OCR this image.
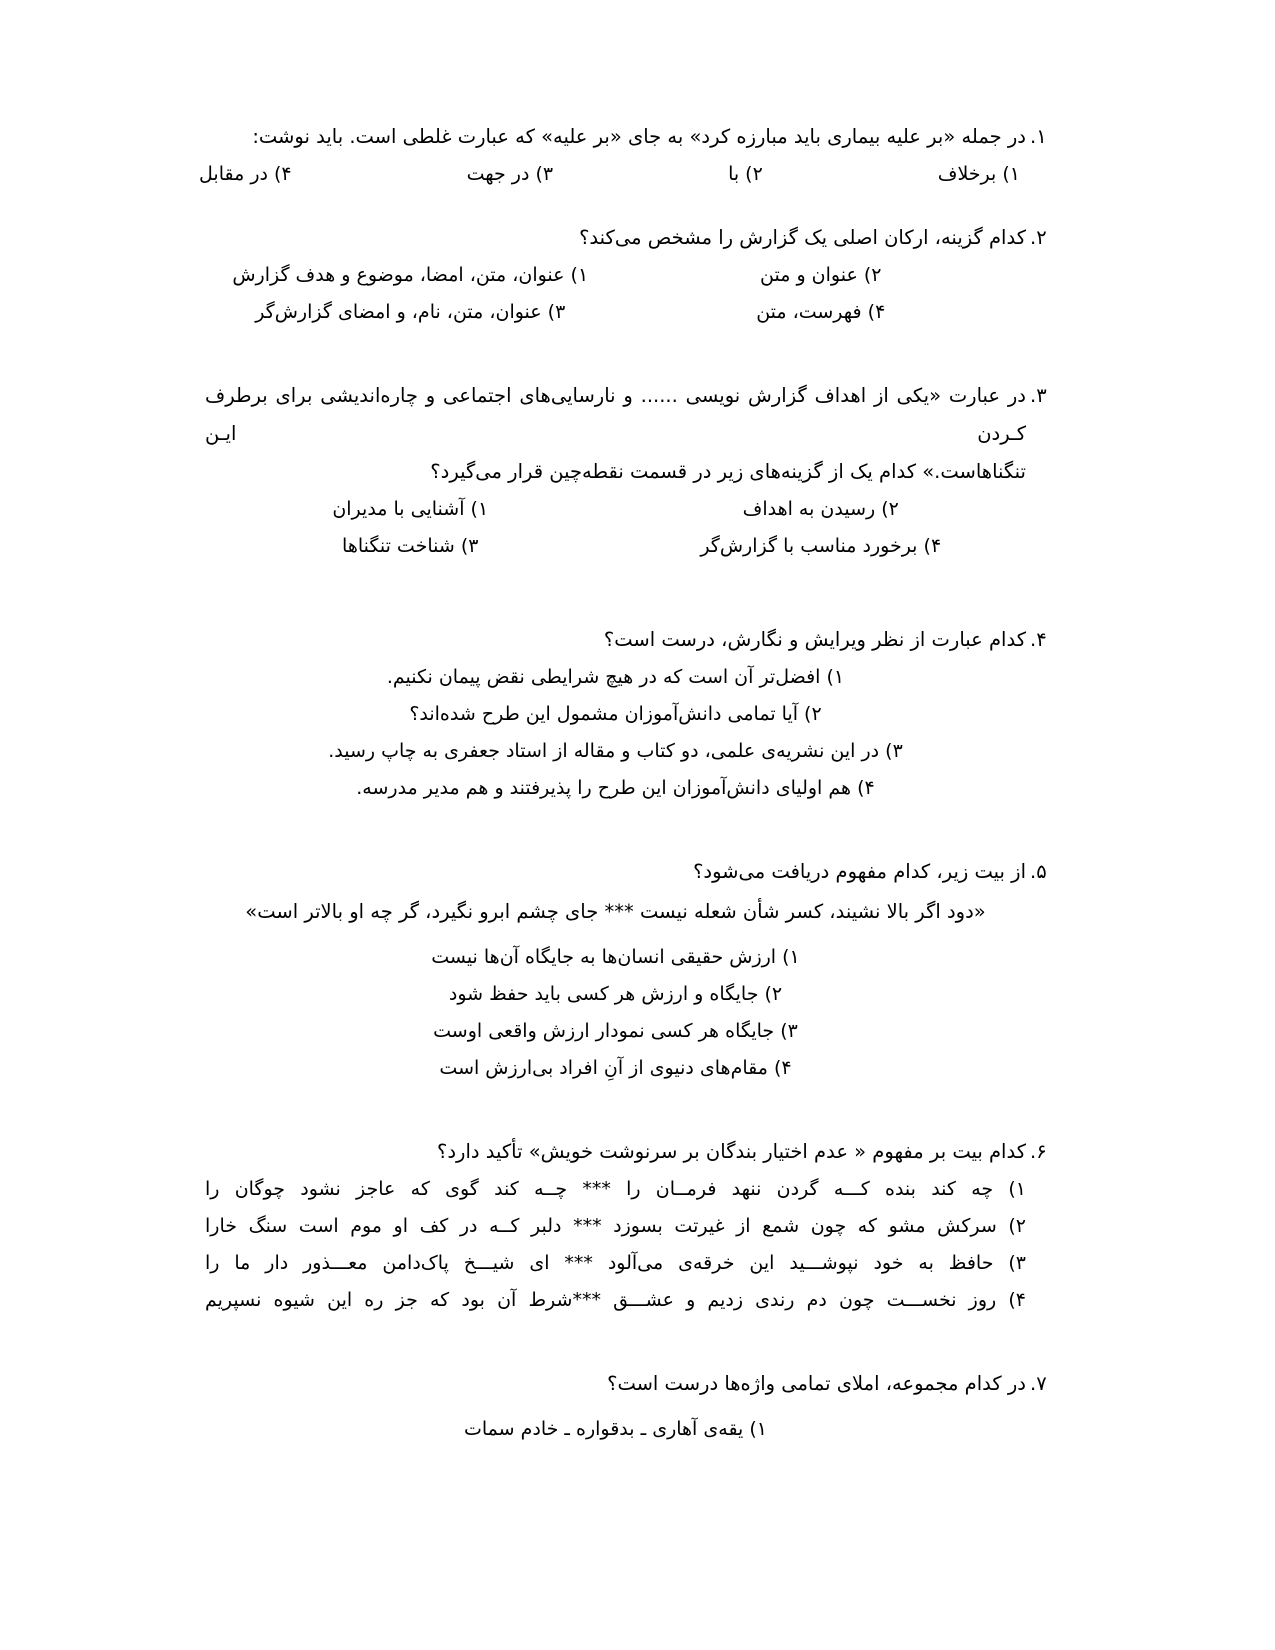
۱.
در جمله «بر علیه بیماری باید مبارزه کرد» به جای «بر علیه» که عبارت غلطی است. باید نوشت:
۱) برخلاف
۲) با
۳) در جهت
۴) در مقابل
۲.
کدام گزینه، ارکان اصلی یک گزارش را مشخص می‌کند؟
۲) عنوان و متن
۱) عنوان، متن، امضا، موضوع و هدف گزارش
۴) فهرست، متن
۳) عنوان، متن، نام، و امضای گزارش‌گر
۳.
در عبارت «یکی از اهداف گزارش نویسی ...... و نارسایی‌های اجتماعی و چاره‌اندیشی برای برطرف کـردن ایـن
تنگناهاست.» کدام یک از گزینه‌های زیر در قسمت نقطه‌چین قرار می‌گیرد؟
۲) رسیدن به اهداف
۱) آشنایی با مدیران
۴) برخورد مناسب با گزارش‌گر
۳) شناخت تنگناها
۴.
کدام عبارت از نظر ویرایش و نگارش، درست است؟
۱) افضل‌تر آن است که در هیچ شرایطی نقض پیمان نکنیم.
۲) آیا تمامی دانش‌آموزان مشمول این طرح شده‌اند؟
۳) در این نشریه‌ی علمی، دو کتاب و مقاله از استاد جعفری به چاپ رسید.
۴) هم اولیای دانش‌آموزان این طرح را پذیرفتند و هم مدیر مدرسه.
۵.
از بیت زیر، کدام مفهوم دریافت می‌شود؟
«دود اگر بالا نشیند، کسر شأن شعله نیست *** جای چشم ابرو نگیرد، گر چه او بالاتر است»
۱) ارزش حقیقی انسان‌ها به جایگاه آن‌ها نیست
۲) جایگاه و ارزش هر کسی باید حفظ شود
۳) جایگاه هر کسی نمودار ارزش واقعی اوست
۴) مقام‌های دنیوی از آنِ افراد بی‌ارزش است
۶.
کدام بیت بر مفهوم « عدم اختیار بندگان بر سرنوشت خویش» تأکید دارد؟
۱) چه کند بنده کـــه گردن ننهد فرمــان را *** چــه کند گوی که عاجز نشود چوگان را
۲) سرکش مشو که چون شمع از غیرتت بسوزد *** دلبر کــه در کف او موم است سنگ خارا
۳) حافظ به خود نپوشـــید این خرقه‌ی می‌آلود *** ای شیـــخ پاک‌دامن معـــذور دار ما را
۴) روز نخســـت چون دم رندی زدیم و عشـــق ***شرط آن بود که جز ره این شیوه نسپریم
۷.
در کدام مجموعه، املای تمامی واژه‌ها درست است؟
۱) یقه‌ی آهاری ـ بدقواره ـ خادم سمات
